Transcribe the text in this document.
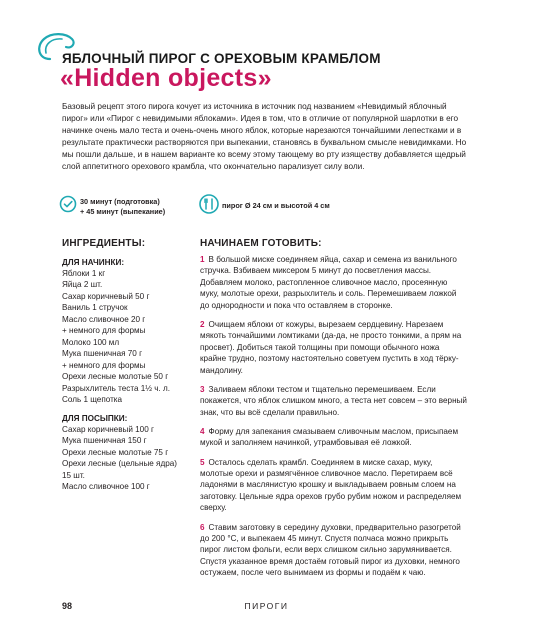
ЯБЛОЧНЫЙ ПИРОГ С ОРЕХОВЫМ КРАМБЛОМ
«Hidden objects»

Базовый рецепт этого пирога кочует из источника в источник под названием «Невидимый яблочный пирог» или «Пирог с невидимыми яблоками». Идея в том, что в отличие от популярной шарлотки в его начинке очень мало теста и очень-очень много яблок, которые нарезаются тончайшими лепестками и в результате практически растворяются при выпекании, становясь в буквальном смысле невидимками. Но мы пошли дальше, и в нашем варианте ко всему этому тающему во рту изяществу добавляется щедрый слой аппетитного орехового крамбла, что окончательно парализует силу воли.

30 минут (подготовка)
+ 45 минут (выпекание)
пирог Ø 24 см и высотой 4 см
ИНГРЕДИЕНТЫ:
ДЛЯ НАЧИНКИ:
Яблоки 1 кг
Яйца 2 шт.
Сахар коричневый 50 г
Ваниль 1 стручок
Масло сливочное 20 г
+ немного для формы
Молоко 100 мл
Мука пшеничная 70 г
+ немного для формы
Орехи лесные молотые 50 г
Разрыхлитель теста 1½ ч. л.
Соль 1 щепотка
ДЛЯ ПОСЫПКИ:
Сахар коричневый 100 г
Мука пшеничная 150 г
Орехи лесные молотые 75 г
Орехи лесные (цельные ядра)
15 шт.
Масло сливочное 100 г
НАЧИНАЕМ ГОТОВИТЬ:

1 В большой миске соединяем яйца, сахар и семена из ванильного стручка. Взбиваем миксером 5 минут до посветления массы. Добавляем молоко, растопленное сливочное масло, просеянную муку, молотые орехи, разрыхлитель и соль. Перемешиваем ложкой до однородности и пока что оставляем в сторонке.

2 Очищаем яблоки от кожуры, вырезаем сердцевину. Нарезаем мякоть тончайшими ломтиками (да-да, не просто тонкими, а прям на просвет). Добиться такой толщины при помощи обычного ножа крайне трудно, поэтому настоятельно советуем пустить в ход тёрку-мандолину.

3 Заливаем яблоки тестом и тщательно перемешиваем. Если покажется, что яблок слишком много, а теста нет совсем – это верный знак, что вы всё сделали правильно.

4 Форму для запекания смазываем сливочным маслом, присыпаем мукой и заполняем начинкой, утрамбовывая её ложкой.

5 Осталось сделать крамбл. Соединяем в миске сахар, муку, молотые орехи и размягчённое сливочное масло. Перетираем всё ладонями в маслянистую крошку и выкладываем ровным слоем на заготовку. Цельные ядра орехов грубо рубим ножом и распределяем сверху.

6 Ставим заготовку в середину духовки, предварительно разогретой до 200 °С, и выпекаем 45 минут. Спустя полчаса можно прикрыть пирог листом фольги, если верх слишком сильно зарумянивается. Спустя указанное время достаём готовый пирог из духовки, немного остужаем, после чего вынимаем из формы и подаём к чаю.

98	ПИРОГИ
